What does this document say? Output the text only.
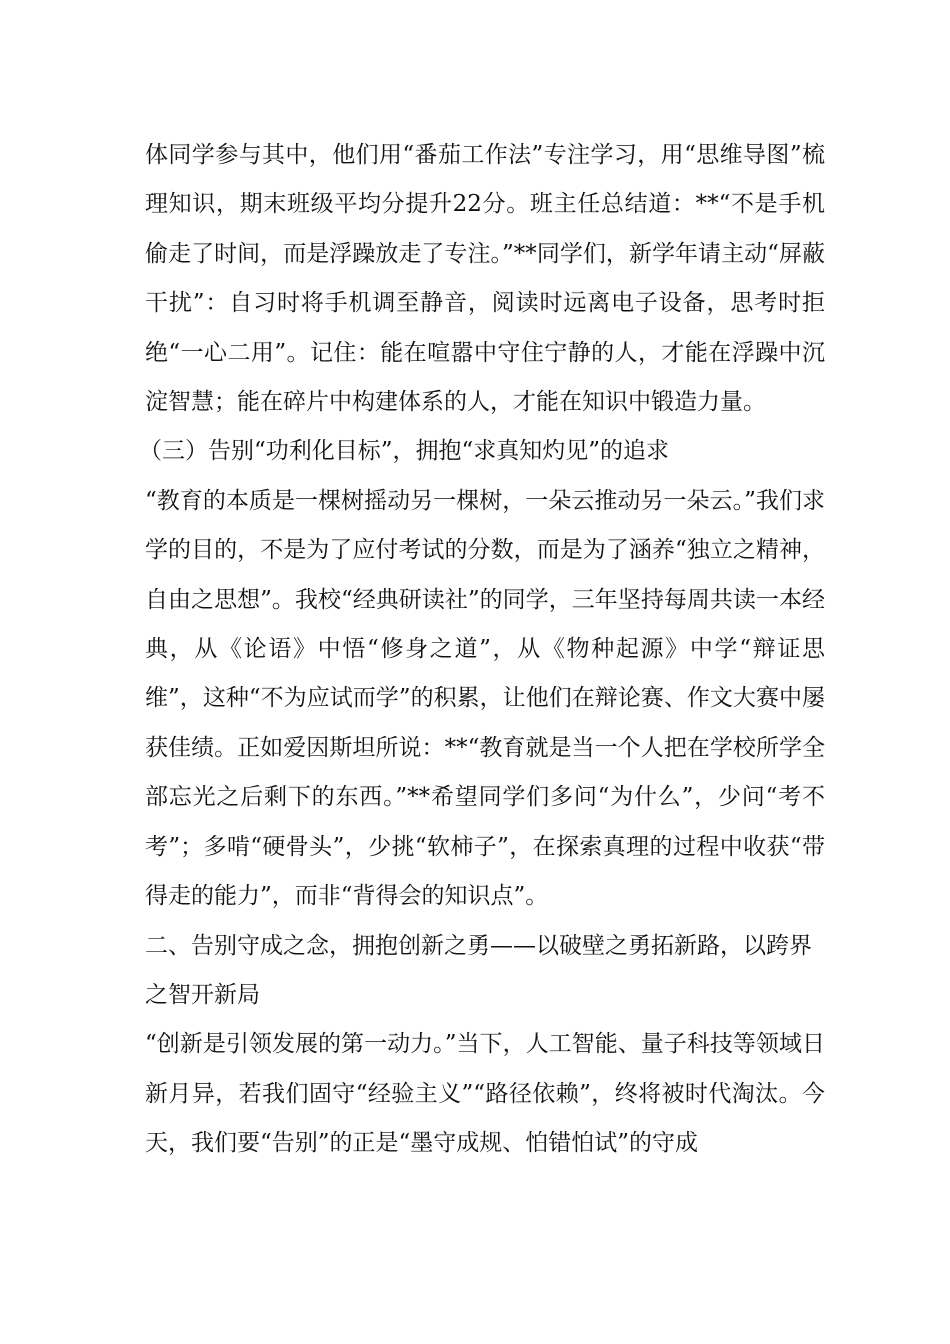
体同学参与其中，他们用“番茄工作法”专注学习，用“思维导图”梳理知识，期末班级平均分提升22分。班主任总结道：**“不是手机偷走了时间，而是浮躁放走了专注。”**同学们，新学年请主动“屏蔽干扰”：自习时将手机调至静音，阅读时远离电子设备，思考时拒绝“一心二用”。记住：能在喧嚣中守住宁静的人，才能在浮躁中沉淀智慧；能在碎片中构建体系的人，才能在知识中锻造力量。

（三）告别“功利化目标”，拥抱“求真知灼见”的追求

“教育的本质是一棵树摇动另一棵树，一朵云推动另一朵云。”我们求学的目的，不是为了应付考试的分数，而是为了涵养“独立之精神，自由之思想”。我校“经典研读社”的同学，三年坚持每周共读一本经典，从《论语》中悟“修身之道”，从《物种起源》中学“辩证思维”，这种“不为应试而学”的积累，让他们在辩论赛、作文大赛中屡获佳绩。正如爱因斯坦所说：**“教育就是当一个人把在学校所学全部忘光之后剩下的东西。”**希望同学们多问“为什么”，少问“考不考”；多啃“硬骨头”，少挑“软柿子”，在探索真理的过程中收获“带得走的能力”，而非“背得会的知识点”。

二、告别守成之念，拥抱创新之勇——以破壁之勇拓新路，以跨界之智开新局

“创新是引领发展的第一动力。”当下，人工智能、量子科技等领域日新月异，若我们固守“经验主义”“路径依赖”，终将被时代淘汰。今天，我们要“告别”的正是“墨守成规、怕错怕试”的守成
